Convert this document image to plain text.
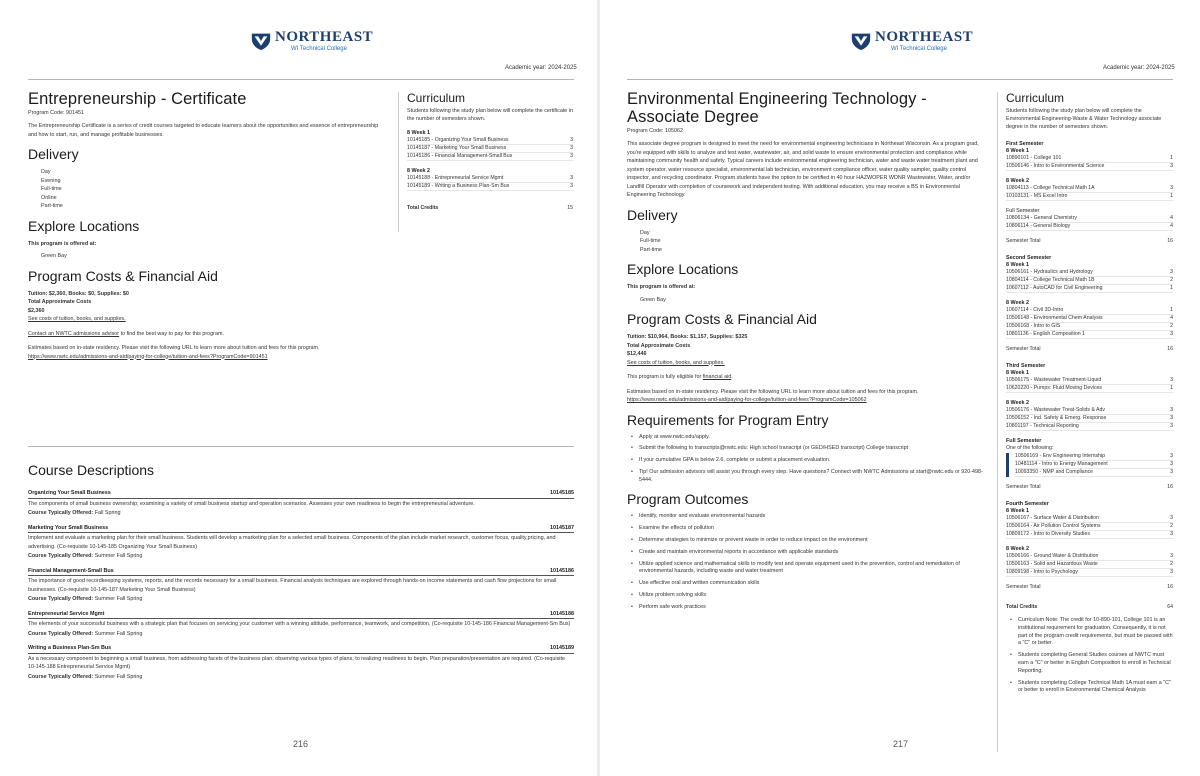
NORTHEAST
WI Technical College
Academic year: 2024-2025
Entrepreneurship - Certificate
Program Code: 901451
The Entrepreneurship Certificate is a series of credit courses targeted to educate learners about the opportunities and essence of entrepreneurship and how to start, run, and manage profitable businesses.
Delivery
Day
Evening
Full-time
Online
Part-time
Explore Locations
This program is offered at:
Green Bay
Program Costs & Financial Aid
Tuition: $2,360, Books: $0, Supplies: $0
Total Approximate Costs
$2,360
See costs of tuition, books, and supplies.
Contact an NWTC admissions advisor to find the best way to pay for this program.
Estimates based on in-state residency. Please visit the following URL to learn more about tuition and fees for this program.
https://www.nwtc.edu/admissions-and-aid/paying-for-college/tuition-and-fees?ProgramCode=901451
Curriculum
Students following the study plan below will complete the certificate in the number of semesters shown.
8 Week 1
10145185 - Organizing Your Small Business	3
10145187 - Marketing Your Small Business	3
10145186 - Financial Management-Small Bus	3
8 Week 2
10145188 - Entrepreneurial Service Mgmt	3
10145189 - Writing a Business Plan-Sm Bus	3
Total Credits	15
Course Descriptions
Organizing Your Small Business	10145185
The components of small business ownership; examining a variety of small business startup and operation scenarios. Assesses your own readiness to begin the entrepreneurial adventure.
Course Typically Offered: Fall Spring
Marketing Your Small Business	10145187
Implement and evaluate a marketing plan for their small business. Students will develop a marketing plan for a selected small business. Components of the plan include market research, customer focus, quality,pricing, and advertising. (Co-requisite 10-145-185 Organizing Your Small Business)
Course Typically Offered: Summer Fall Spring
Financial Management-Small Bus	10145186
The importance of good recordkeeping systems, reports, and the records necessary for a small business. Financial analysis techniques are explored through hands-on income statements and cash flow projections for small businesses. (Co-requisite 10-145-187 Marketing Your Small Business)
Course Typically Offered: Summer Fall Spring
Entrepreneurial Service Mgmt	10145188
The elements of your successful business with a strategic plan that focuses on servicing your customer with a winning attitude, performance, teamwork, and competition. (Co-requisite 10-145-186 Financial Management-Sm Bus)
Course Typically Offered: Summer Fall Spring
Writing a Business Plan-Sm Bus	10145189
As a necessary component to beginning a small business, from addressing facets of the business plan, observing various types of plans, to realizing readiness to begin. Plan preparation/presentation are required. (Co-requisite 10-145-188 Entrepreneurial Service Mgmt)
Course Typically Offered: Summer Fall Spring
216
NORTHEAST
WI Technical College
Academic year: 2024-2025
Environmental Engineering Technology -
Associate Degree
Program Code: 105062
This associate degree program is designed to meet the need for environmental engineering technicians in Northeast Wisconsin. As a program grad, you're equipped with skills to analyze and test water, wastewater, air, and solid waste to ensure environmental protection and compliance while maintaining community health and safety. Typical careers include environmental engineering technician, water and waste water treatment plant and system operator, water resource specialist, environmental lab technician, environment compliance officer, water quality sampler, quality control inspector, and recycling coordinator. Program students have the option to be certified in 40 hour HAZWOPER WDNR Wastewater, Water, and/or Landfill Operator with completion of coursework and independent testing. With additional education, you may receive a BS in Environmental Engineering Technology.
Delivery
Day
Full-time
Part-time
Explore Locations
This program is offered at:
Green Bay
Program Costs & Financial Aid
Tuition: $10,964, Books: $1,157, Supplies: $325
Total Approximate Costs
$12,446
See costs of tuition, books, and supplies.
This program is fully eligible for financial aid.
Estimates based on in-state residency. Please visit the following URL to learn more about tuition and fees for this program.
https://www.nwtc.edu/admissions-and-aid/paying-for-college/tuition-and-fees?ProgramCode=105062
Requirements for Program Entry
• Apply at www.nwtc.edu/apply.
• Submit the following to transcripts@nwtc.edu: High school transcript (or GED/HSED transcript) College transcript
• If your cumulative GPA is below 2.6, complete or submit a placement evaluation.
• Tip! Our admission advisors will assist you through every step. Have questions? Connect with NWTC Admissions at start@nwtc.edu or 920-498-5444.
Program Outcomes
• Identify, monitor and evaluate environmental hazards
• Examine the effects of pollution
• Determine strategies to minimize or prevent waste in order to reduce impact on the environment
• Create and maintain environmental reports in accordance with applicable standards
• Utilize applied science and mathematical skills to modify test and operate equipment used in the prevention, control and remediation of environmental hazards, including waste and water treatment
• Use effective oral and written communication skills
• Utilize problem solving skills
• Perform safe work practices
Curriculum
Students following the study plan below will complete the Environmental Engineering-Waste & Water Technology associate degree in the number of semesters shown.
First Semester
8 Week 1
10890101 - College 101	1
10506146 - Intro to Environmental Science	3
8 Week 2
10804113 - College Technical Math 1A	3
10103131 - MS Excel Intro	1
Full Semester
10806134 - General Chemistry	4
10806114 - General Biology	4
Semester Total	16
Second Semester
8 Week 1
10506161 - Hydraulics and Hydrology	3
10804114 - College Technical Math 1B	2
10607112 - AutoCAD for Civil Engineering	1
8 Week 2
10607114 - Civil 3D-Intro	1
10506148 - Environmental Chem Analysis	4
10506168 - Intro to GIS	2
10801136 - English Composition 1	3
Semester Total	16
Third Semester
8 Week 1
10506175 - Wastewater Treatment-Liquid	3
10620220 - Pumps: Fluid Moving Devices	1
8 Week 2
10506176 - Wastewater Treat-Solids & Adv	3
10506152 - Ind. Safety & Emerg. Response	3
10801197 - Technical Reporting	3
Full Semester
One of the following:
10506169 - Env Engineering Internship	3
10481114 - Intro to Energy Management	3
10093350 - NMP and Compliance	3
Semester Total	16
Fourth Semester
8 Week 1
10506167 - Surface Water & Distribution	3
10506164 - Air Pollution Control Systems	2
10809172 - Intro to Diversity Studies	3
8 Week 2
10506166 - Ground Water & Distribution	3
10506163 - Solid and Hazardous Waste	2
10809198 - Intro to Psychology	3
Semester Total	16
Total Credits	64
• Curriculum Note: The credit for 10-890-101, College 101 is an institutional requirement for graduation. Consequently, it is not part of the program credit requirements, but must be passed with a "C" or better.
• Students completing General Studies courses at NWTC must earn a "C" or better in English Composition to enroll in Technical Reporting.
• Students completing College Technical Math 1A must earn a "C" or better to enroll in Environmental Chemical Analysis
217
